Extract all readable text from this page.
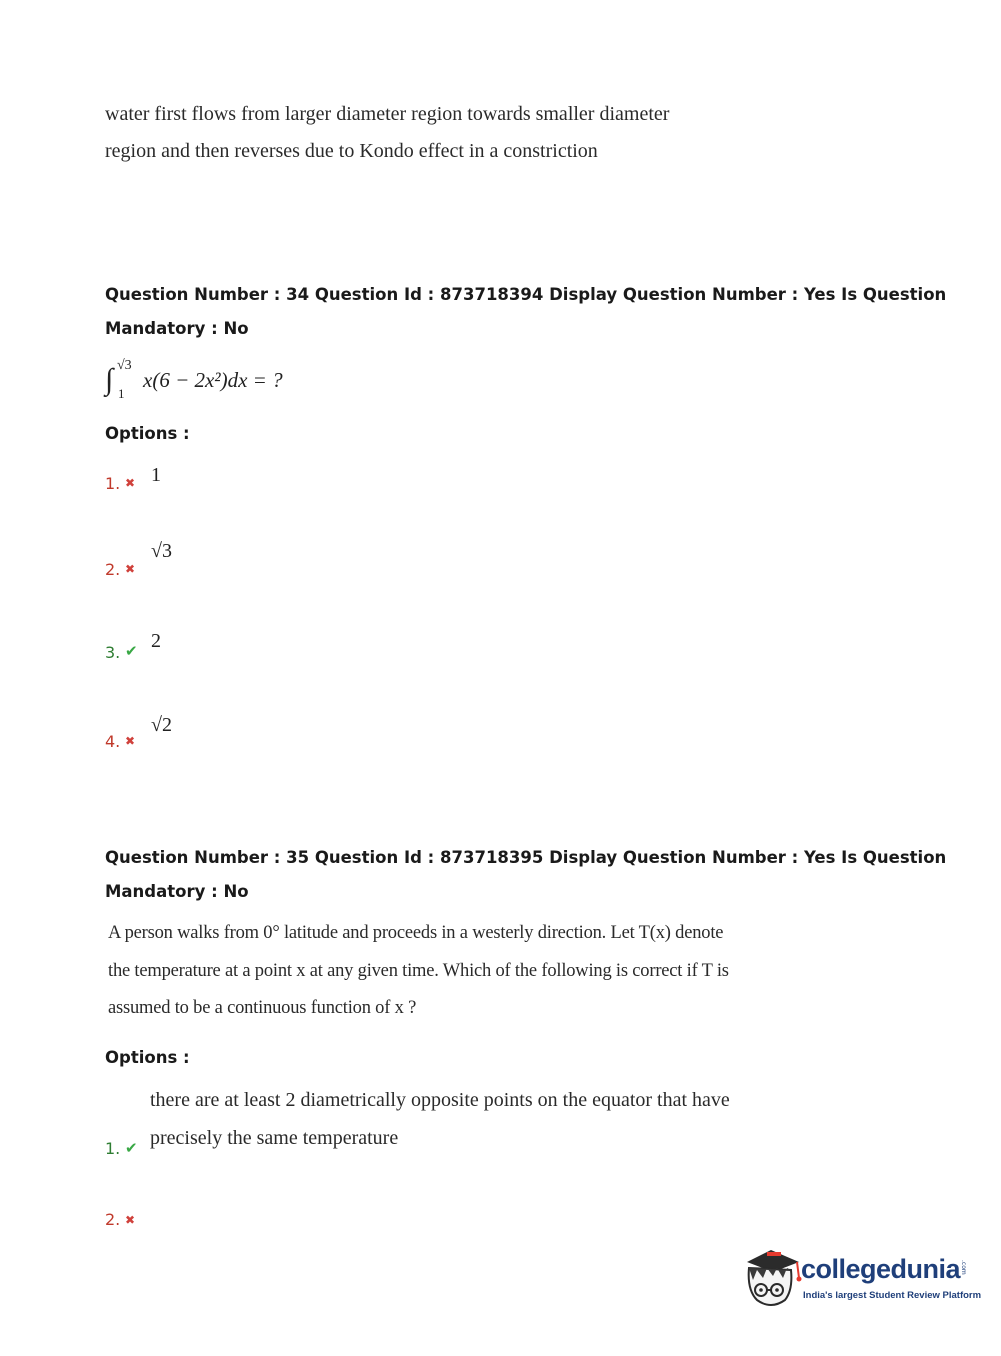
water first flows from larger diameter region towards smaller diameter
region and then reverses due to Kondo effect in a constriction
Question Number : 34 Question Id : 873718394 Display Question Number : Yes Is Question
Mandatory : No
∫ √3
1
x(6 − 2x²)dx = ?
Options :
1. ✖ 1
2. ✖
√3
3. ✔ 2
4. ✖
√2
Question Number : 35 Question Id : 873718395 Display Question Number : Yes Is Question
Mandatory : No
A person walks from 0° latitude and proceeds in a westerly direction. Let T(x) denote
the temperature at a point x at any given time. Which of the following is correct if T is
assumed to be a continuous function of x ?
Options :
there are at least 2 diametrically opposite points on the equator that have
precisely the same temperature
1. ✔
2. ✖
collegedunia .com
India's largest Student Review Platform
